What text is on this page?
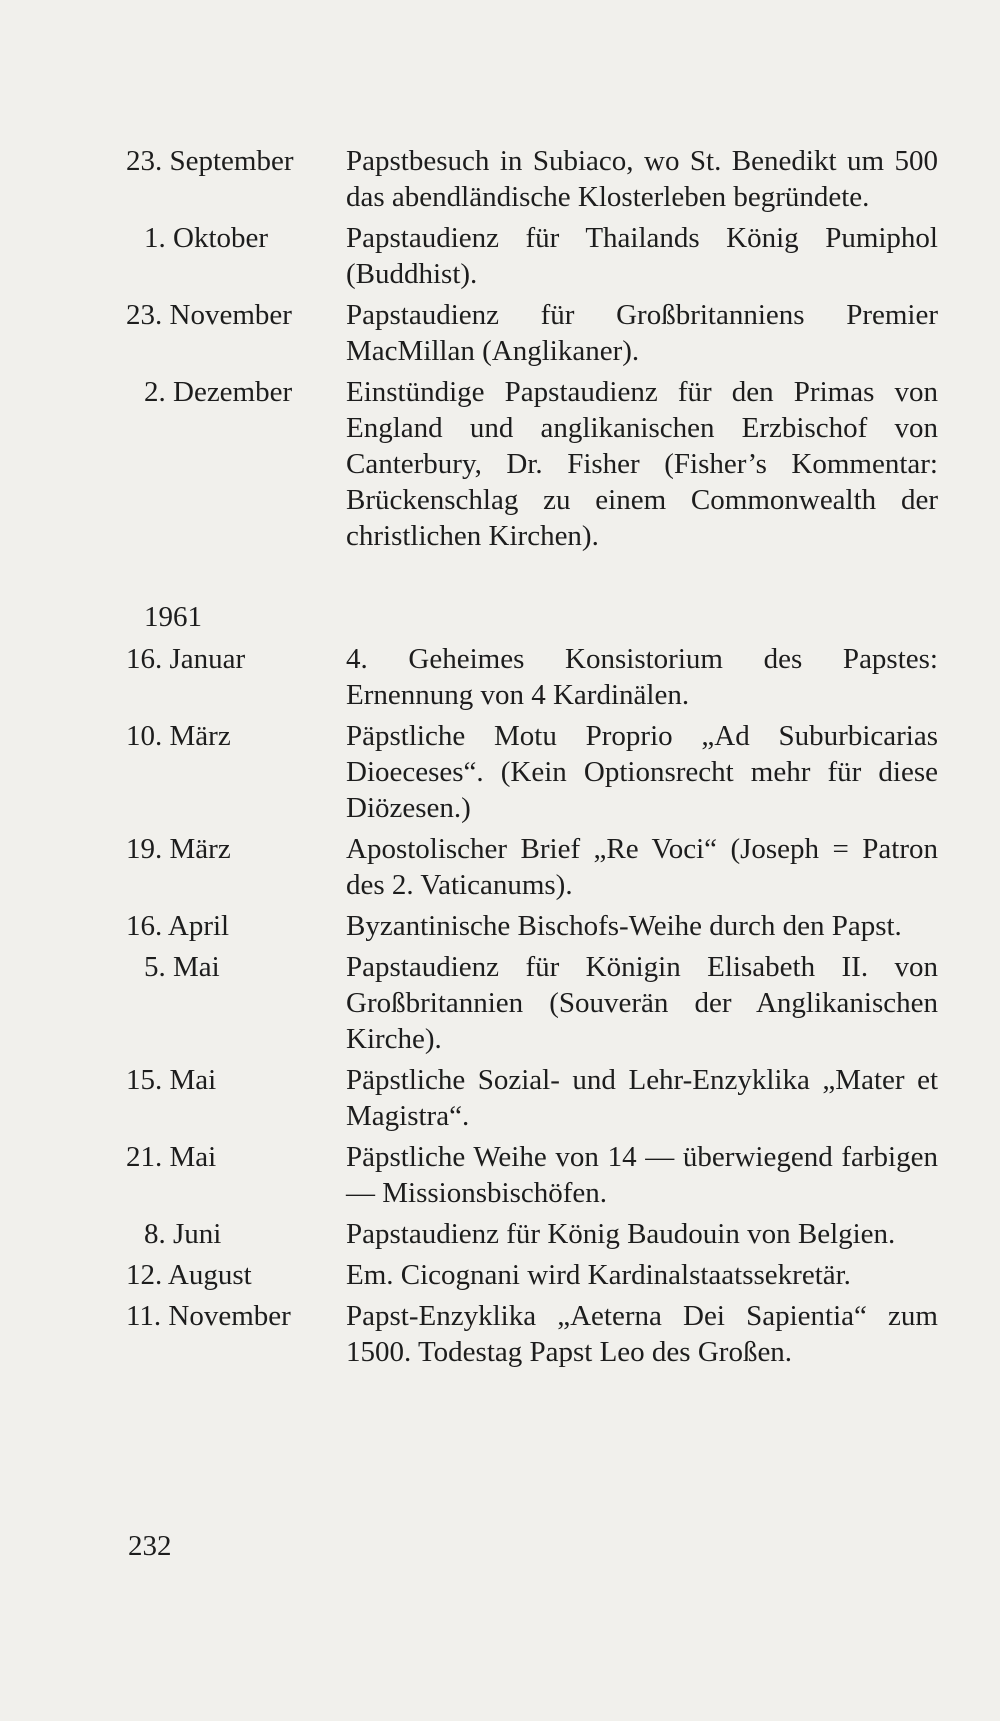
23. September	Papstbesuch in Subiaco, wo St. Benedikt um 500 das abendländische Klosterleben begründete.
1. Oktober	Papstaudienz für Thailands König Pumiphol (Buddhist).
23. November	Papstaudienz für Großbritanniens Premier MacMillan (Anglikaner).
2. Dezember	Einstündige Papstaudienz für den Primas von England und anglikanischen Erzbischof von Canterbury, Dr. Fisher (Fisher’s Kommentar: Brückenschlag zu einem Commonwealth der christlichen Kirchen).
1961
16. Januar	4. Geheimes Konsistorium des Papstes: Ernennung von 4 Kardinälen.
10. März	Päpstliche Motu Proprio „Ad Suburbicarias Dioeceses“. (Kein Optionsrecht mehr für diese Diözesen.)
19. März	Apostolischer Brief „Re Voci“ (Joseph = Patron des 2. Vaticanums).
16. April	Byzantinische Bischofs-Weihe durch den Papst.
5. Mai	Papstaudienz für Königin Elisabeth II. von Großbritannien (Souverän der Anglikanischen Kirche).
15. Mai	Päpstliche Sozial- und Lehr-Enzyklika „Mater et Magistra“.
21. Mai	Päpstliche Weihe von 14 — überwiegend farbigen — Missionsbischöfen.
8. Juni	Papstaudienz für König Baudouin von Belgien.
12. August	Em. Cicognani wird Kardinalstaatssekretär.
11. November	Papst-Enzyklika „Aeterna Dei Sapientia“ zum 1500. Todestag Papst Leo des Großen.
232
